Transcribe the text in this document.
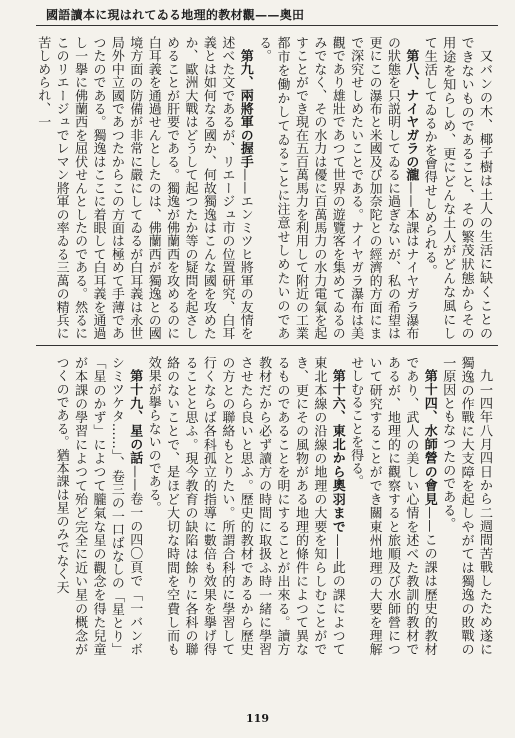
國語讀本に現はれてゐる地理的教材觀——奥田

又バンの木、椰子樹は土人の生活に缺くことのできないものであること、その繁茂狀態からその用途を知らしめ、更にどんな土人がどんな風にして生活してゐるかを會得せしめられる。

第八、ナイヤガラの瀧——本課はナイヤガラ瀑布の狀態を只説明してゐるに過ぎないが、私の希望は更にこの瀑布と米國及び加奈陀との經濟的方面にまで深究せしめたいことである。ナイヤガラ瀑布は美觀であり雄壯であつて世界の遊覽客を集めてゐるのみでなく、その水力は優に百萬馬力の水力電氣を起すことができ現在五百萬馬力を利用して附近の工業都市を働かしてゐることに注意せしめたいのである。

第九、兩將軍の握手——エンミツヒ將軍の友情を述べた文であるが、リエージュ市の位置研究、白耳義とは如何なる國か、何故獨逸はこんな國を攻めたか、歐洲大戰はどうして起つたか等の疑問を起さしめることが肝要である。獨逸が佛蘭西を攻めるのに白耳義を通過せんとしたのは、佛蘭西が獨逸との國境方面の防備が非常に嚴にしてゐるが白耳義は永世局外中立國であつたからこの方面は極めて手薄であつたのである。獨逸はここに着眼して白耳義を通過し一擧に佛蘭西を屈伏せんとしたのである。然るにこのリエージュでレマン將軍の率ゐる三萬の精兵に苦しめられ、一

九一四年八月四日から二週間苦戰したため遂に獨逸の作戰に大支障を起しやがては獨逸の敗戰の一原因ともなつたのである。

第十四、水師營の會見——この課は歷史的教材であり、武人の美しい心情を述べた教訓的教材であるが、地理的に觀察すると旅順及び水師營について研究することができ關東州地理の大要を理解せしむることを得る。

第十六、東北から奧羽まで——此の課によつて東北本線の沿線の地理の大要を知らしむことができ、更にその風物がある地理的條件によつて異なるものであることを明にすることが出來る。讀方教材だから必ず讀方の時間に取扱ふ時一緒に學習させたら良いと思ふ。歷史的教材であるから歷史の方との聯絡もとりたい。所謂合科的に學習して行くならば各科孤立的指導に數倍も效果を擧げ得ることと思ふ。現今教育の缺陷は餘りに各科の聯絡のないことで、是ほど大切な時間を空費し而も效果が擧らないのである。

第十九、星の話——卷一の四〇頁で「一バンボシミツケタ……」、卷三の一口ばなしの「星とり」「星のかず」によつて朧氣な星の觀念を得た兒童が本課の學習によつて殆ど完全に近い星の概念がつくのである。猶本課は星のみでなく天

119
